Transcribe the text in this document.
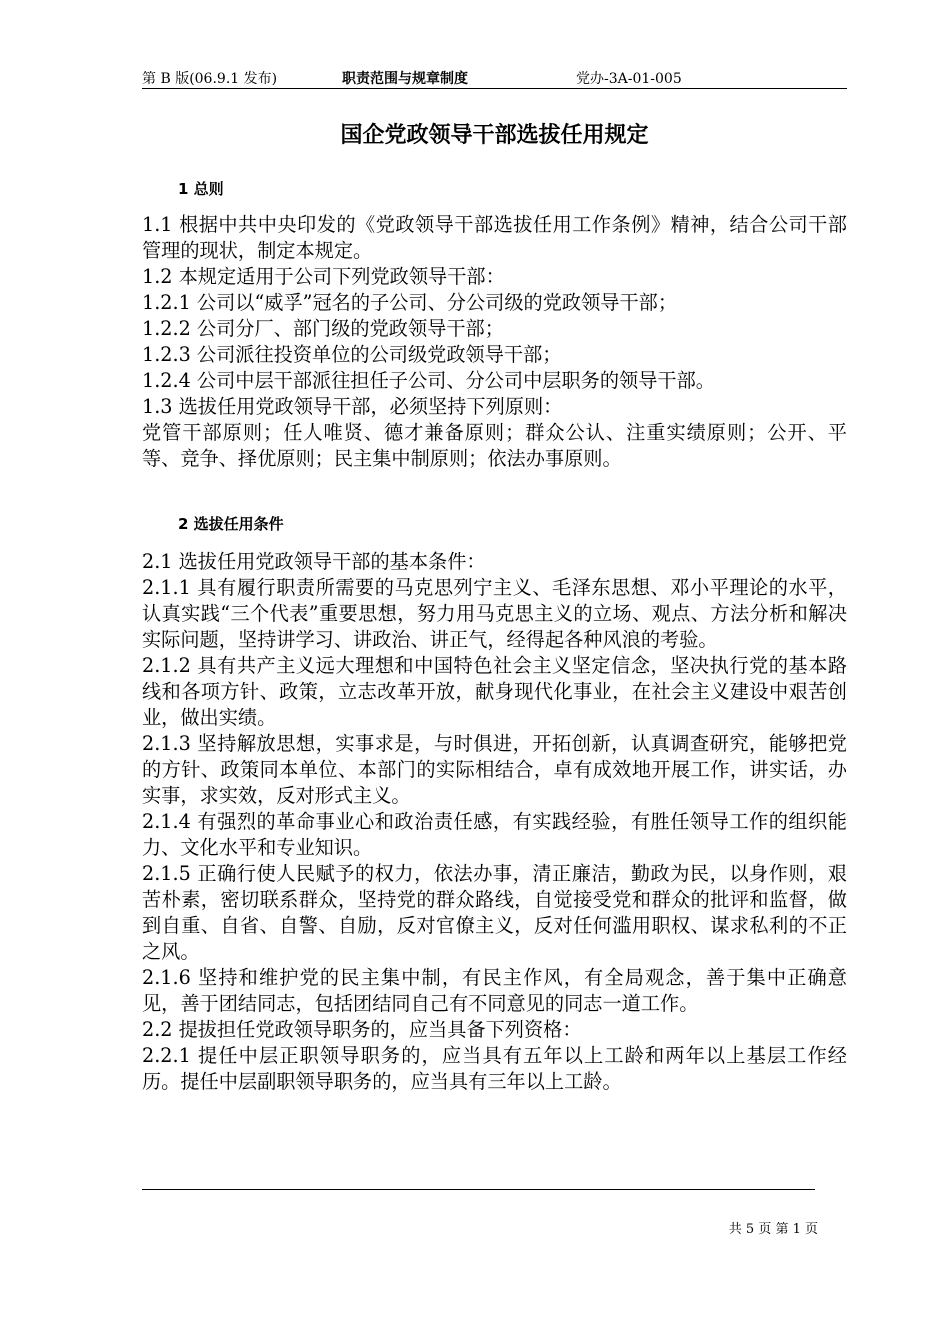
第 B 版(06.9.1 发布)	职责范围与规章制度	党办-3A-01-005
国企党政领导干部选拔任用规定
1 总则

1.1 根据中共中央印发的《党政领导干部选拔任用工作条例》精神，结合公司干部管理的现状，制定本规定。

1.2 本规定适用于公司下列党政领导干部：

1.2.1 公司以“威孚”冠名的子公司、分公司级的党政领导干部；

1.2.2 公司分厂、部门级的党政领导干部；

1.2.3 公司派往投资单位的公司级党政领导干部；

1.2.4 公司中层干部派往担任子公司、分公司中层职务的领导干部。

1.3 选拔任用党政领导干部，必须坚持下列原则：

党管干部原则；任人唯贤、德才兼备原则；群众公认、注重实绩原则；公开、平等、竞争、择优原则；民主集中制原则；依法办事原则。

2 选拔任用条件

2.1 选拔任用党政领导干部的基本条件：

2.1.1 具有履行职责所需要的马克思列宁主义、毛泽东思想、邓小平理论的水平，认真实践“三个代表”重要思想，努力用马克思主义的立场、观点、方法分析和解决实际问题，坚持讲学习、讲政治、讲正气，经得起各种风浪的考验。

2.1.2 具有共产主义远大理想和中国特色社会主义坚定信念，坚决执行党的基本路线和各项方针、政策，立志改革开放，献身现代化事业，在社会主义建设中艰苦创业，做出实绩。

2.1.3 坚持解放思想，实事求是，与时俱进，开拓创新，认真调查研究，能够把党的方针、政策同本单位、本部门的实际相结合，卓有成效地开展工作，讲实话，办实事，求实效，反对形式主义。

2.1.4 有强烈的革命事业心和政治责任感，有实践经验，有胜任领导工作的组织能力、文化水平和专业知识。

2.1.5 正确行使人民赋予的权力，依法办事，清正廉洁，勤政为民，以身作则，艰苦朴素，密切联系群众，坚持党的群众路线，自觉接受党和群众的批评和监督，做到自重、自省、自警、自励，反对官僚主义，反对任何滥用职权、谋求私利的不正之风。

2.1.6 坚持和维护党的民主集中制，有民主作风，有全局观念，善于集中正确意见，善于团结同志，包括团结同自己有不同意见的同志一道工作。

2.2 提拔担任党政领导职务的，应当具备下列资格：

2.2.1 提任中层正职领导职务的，应当具有五年以上工龄和两年以上基层工作经历。提任中层副职领导职务的，应当具有三年以上工龄。

共 5 页 第 1 页
